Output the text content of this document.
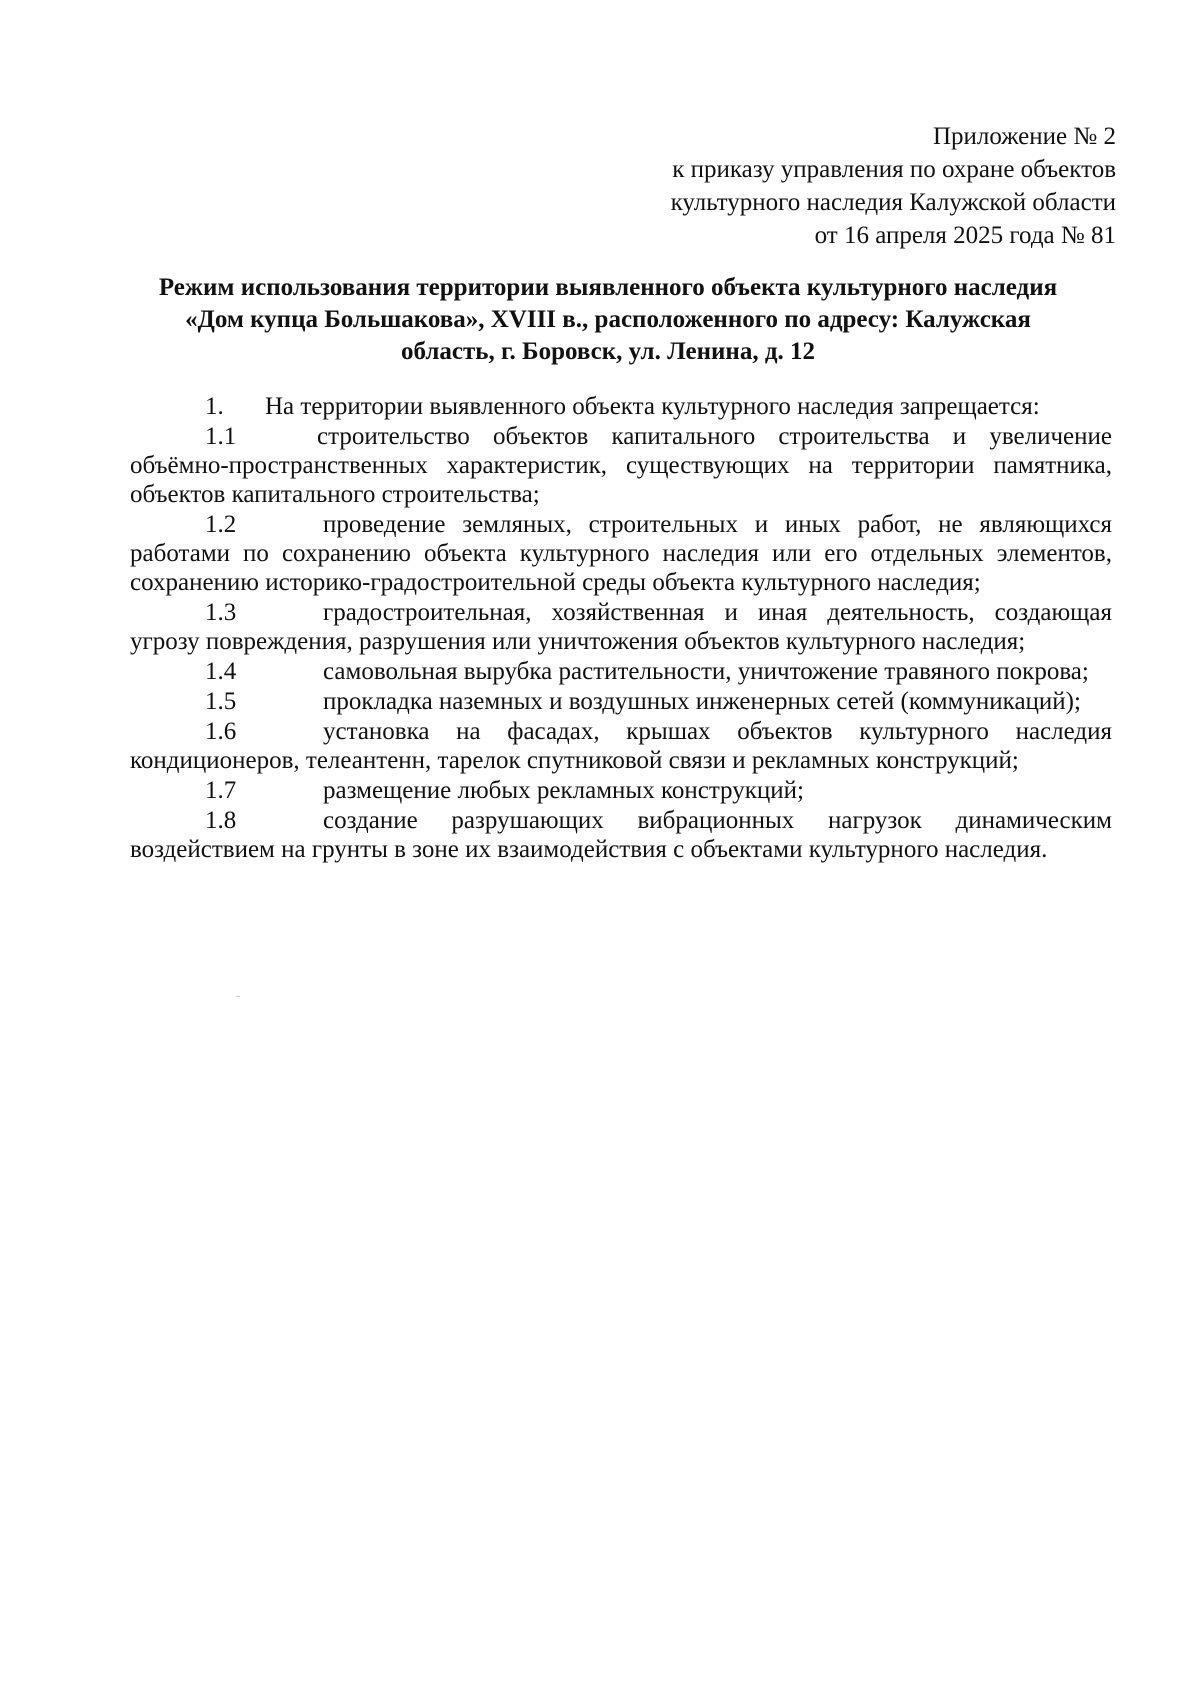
Приложение № 2
к приказу управления по охране объектов
культурного наследия Калужской области
от 16 апреля 2025 года № 81
Режим использования территории выявленного объекта культурного наследия
«Дом купца Большакова», XVIII в., расположенного по адресу: Калужская
область, г. Боровск, ул. Ленина, д. 12

1. На территории выявленного объекта культурного наследия запрещается:

1.1	строительство объектов капитального строительства и увеличение объёмно-пространственных характеристик, существующих на территории памятника, объектов капитального строительства;

1.2	проведение земляных, строительных и иных работ, не являющихся работами по сохранению объекта культурного наследия или его отдельных элементов, сохранению историко-градостроительной среды объекта культурного наследия;

1.3	градостроительная, хозяйственная и иная деятельность, создающая угрозу повреждения, разрушения или уничтожения объектов культурного наследия;

1.4	самовольная вырубка растительности, уничтожение травяного покрова;

1.5	прокладка наземных и воздушных инженерных сетей (коммуникаций);

1.6	установка на фасадах, крышах объектов культурного наследия кондиционеров, телеантенн, тарелок спутниковой связи и рекламных конструкций;

1.7	размещение любых рекламных конструкций;

1.8	создание разрушающих вибрационных нагрузок динамическим воздействием на грунты в зоне их взаимодействия с объектами культурного наследия.
